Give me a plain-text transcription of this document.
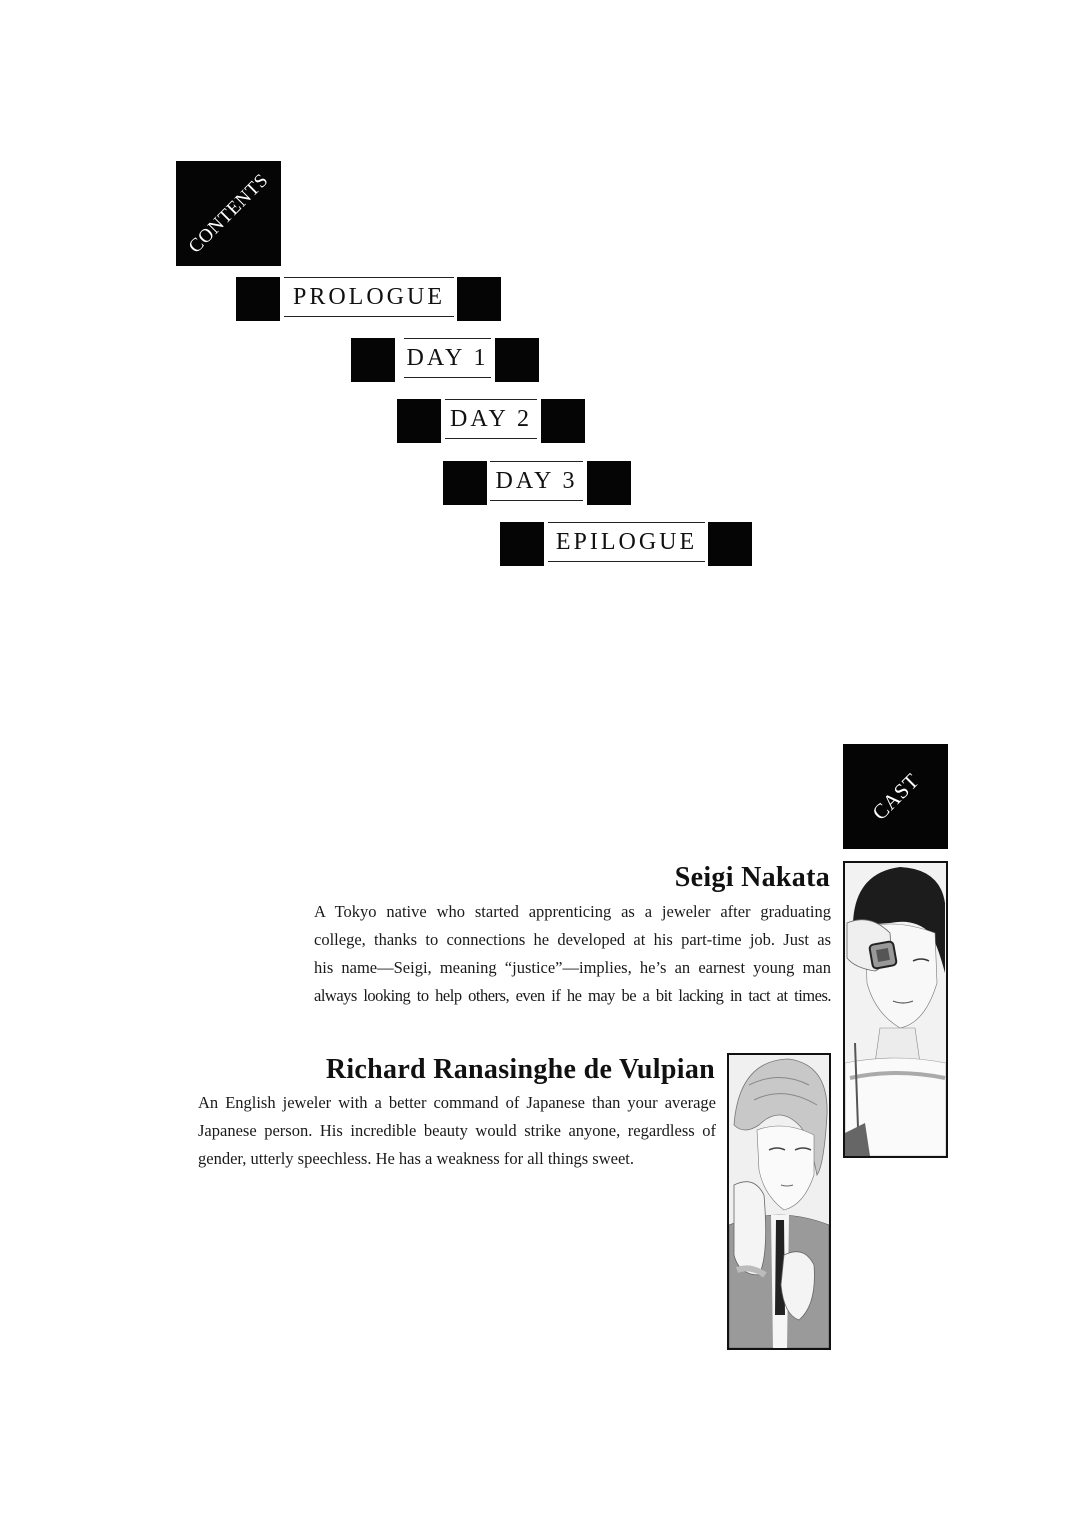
CONTENTS
PROLOGUE
DAY 1
DAY 2
DAY 3
EPILOGUE
CAST
Seigi Nakata
A Tokyo native who started apprenticing as a jeweler after graduating
college, thanks to connections he developed at his part-time job. Just as
his name—Seigi, meaning “justice”—implies, he’s an earnest young man
always looking to help others, even if he may be a bit lacking in tact at times.
Richard Ranasinghe de Vulpian
An English jeweler with a better command of Japanese than your average
Japanese person. His incredible beauty would strike anyone, regardless of
gender, utterly speechless. He has a weakness for all things sweet.
